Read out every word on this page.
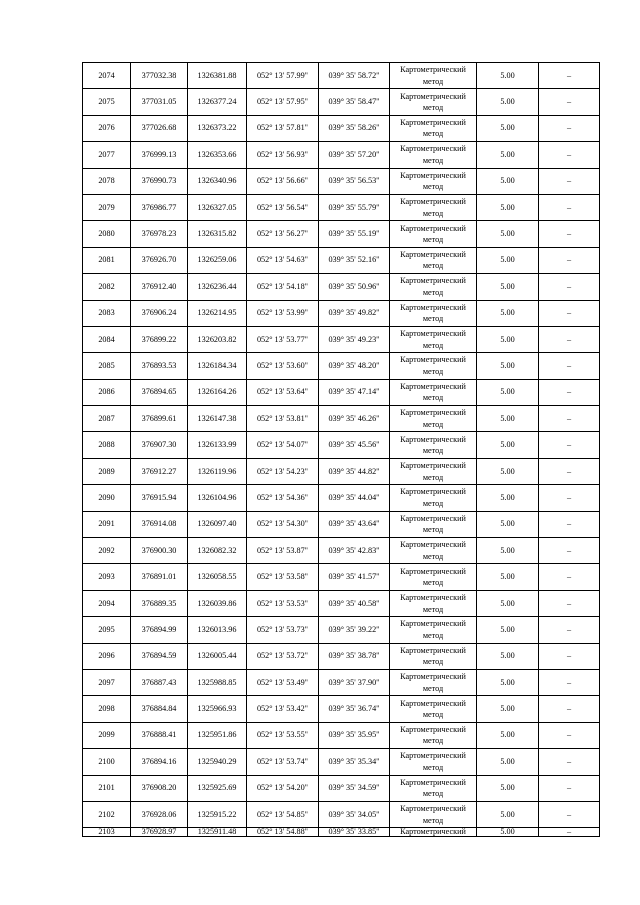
2074	377032.38	1326381.88	052° 13' 57.99"	039° 35' 58.72"	Картометрический метод	5.00	–
2075	377031.05	1326377.24	052° 13' 57.95"	039° 35' 58.47"	Картометрический метод	5.00	–
2076	377026.68	1326373.22	052° 13' 57.81"	039° 35' 58.26"	Картометрический метод	5.00	–
2077	376999.13	1326353.66	052° 13' 56.93"	039° 35' 57.20"	Картометрический метод	5.00	–
2078	376990.73	1326340.96	052° 13' 56.66"	039° 35' 56.53"	Картометрический метод	5.00	–
2079	376986.77	1326327.05	052° 13' 56.54"	039° 35' 55.79"	Картометрический метод	5.00	–
2080	376978.23	1326315.82	052° 13' 56.27"	039° 35' 55.19"	Картометрический метод	5.00	–
2081	376926.70	1326259.06	052° 13' 54.63"	039° 35' 52.16"	Картометрический метод	5.00	–
2082	376912.40	1326236.44	052° 13' 54.18"	039° 35' 50.96"	Картометрический метод	5.00	–
2083	376906.24	1326214.95	052° 13' 53.99"	039° 35' 49.82"	Картометрический метод	5.00	–
2084	376899.22	1326203.82	052° 13' 53.77"	039° 35' 49.23"	Картометрический метод	5.00	–
2085	376893.53	1326184.34	052° 13' 53.60"	039° 35' 48.20"	Картометрический метод	5.00	–
2086	376894.65	1326164.26	052° 13' 53.64"	039° 35' 47.14"	Картометрический метод	5.00	–
2087	376899.61	1326147.38	052° 13' 53.81"	039° 35' 46.26"	Картометрический метод	5.00	–
2088	376907.30	1326133.99	052° 13' 54.07"	039° 35' 45.56"	Картометрический метод	5.00	–
2089	376912.27	1326119.96	052° 13' 54.23"	039° 35' 44.82"	Картометрический метод	5.00	–
2090	376915.94	1326104.96	052° 13' 54.36"	039° 35' 44.04"	Картометрический метод	5.00	–
2091	376914.08	1326097.40	052° 13' 54.30"	039° 35' 43.64"	Картометрический метод	5.00	–
2092	376900.30	1326082.32	052° 13' 53.87"	039° 35' 42.83"	Картометрический метод	5.00	–
2093	376891.01	1326058.55	052° 13' 53.58"	039° 35' 41.57"	Картометрический метод	5.00	–
2094	376889.35	1326039.86	052° 13' 53.53"	039° 35' 40.58"	Картометрический метод	5.00	–
2095	376894.99	1326013.96	052° 13' 53.73"	039° 35' 39.22"	Картометрический метод	5.00	–
2096	376894.59	1326005.44	052° 13' 53.72"	039° 35' 38.78"	Картометрический метод	5.00	–
2097	376887.43	1325988.85	052° 13' 53.49"	039° 35' 37.90"	Картометрический метод	5.00	–
2098	376884.84	1325966.93	052° 13' 53.42"	039° 35' 36.74"	Картометрический метод	5.00	–
2099	376888.41	1325951.86	052° 13' 53.55"	039° 35' 35.95"	Картометрический метод	5.00	–
2100	376894.16	1325940.29	052° 13' 53.74"	039° 35' 35.34"	Картометрический метод	5.00	–
2101	376908.20	1325925.69	052° 13' 54.20"	039° 35' 34.59"	Картометрический метод	5.00	–
2102	376928.06	1325915.22	052° 13' 54.85"	039° 35' 34.05"	Картометрический метод	5.00	–
2103	376928.97	1325911.48	052° 13' 54.88"	039° 35' 33.85"	Картометрический	5.00	–
